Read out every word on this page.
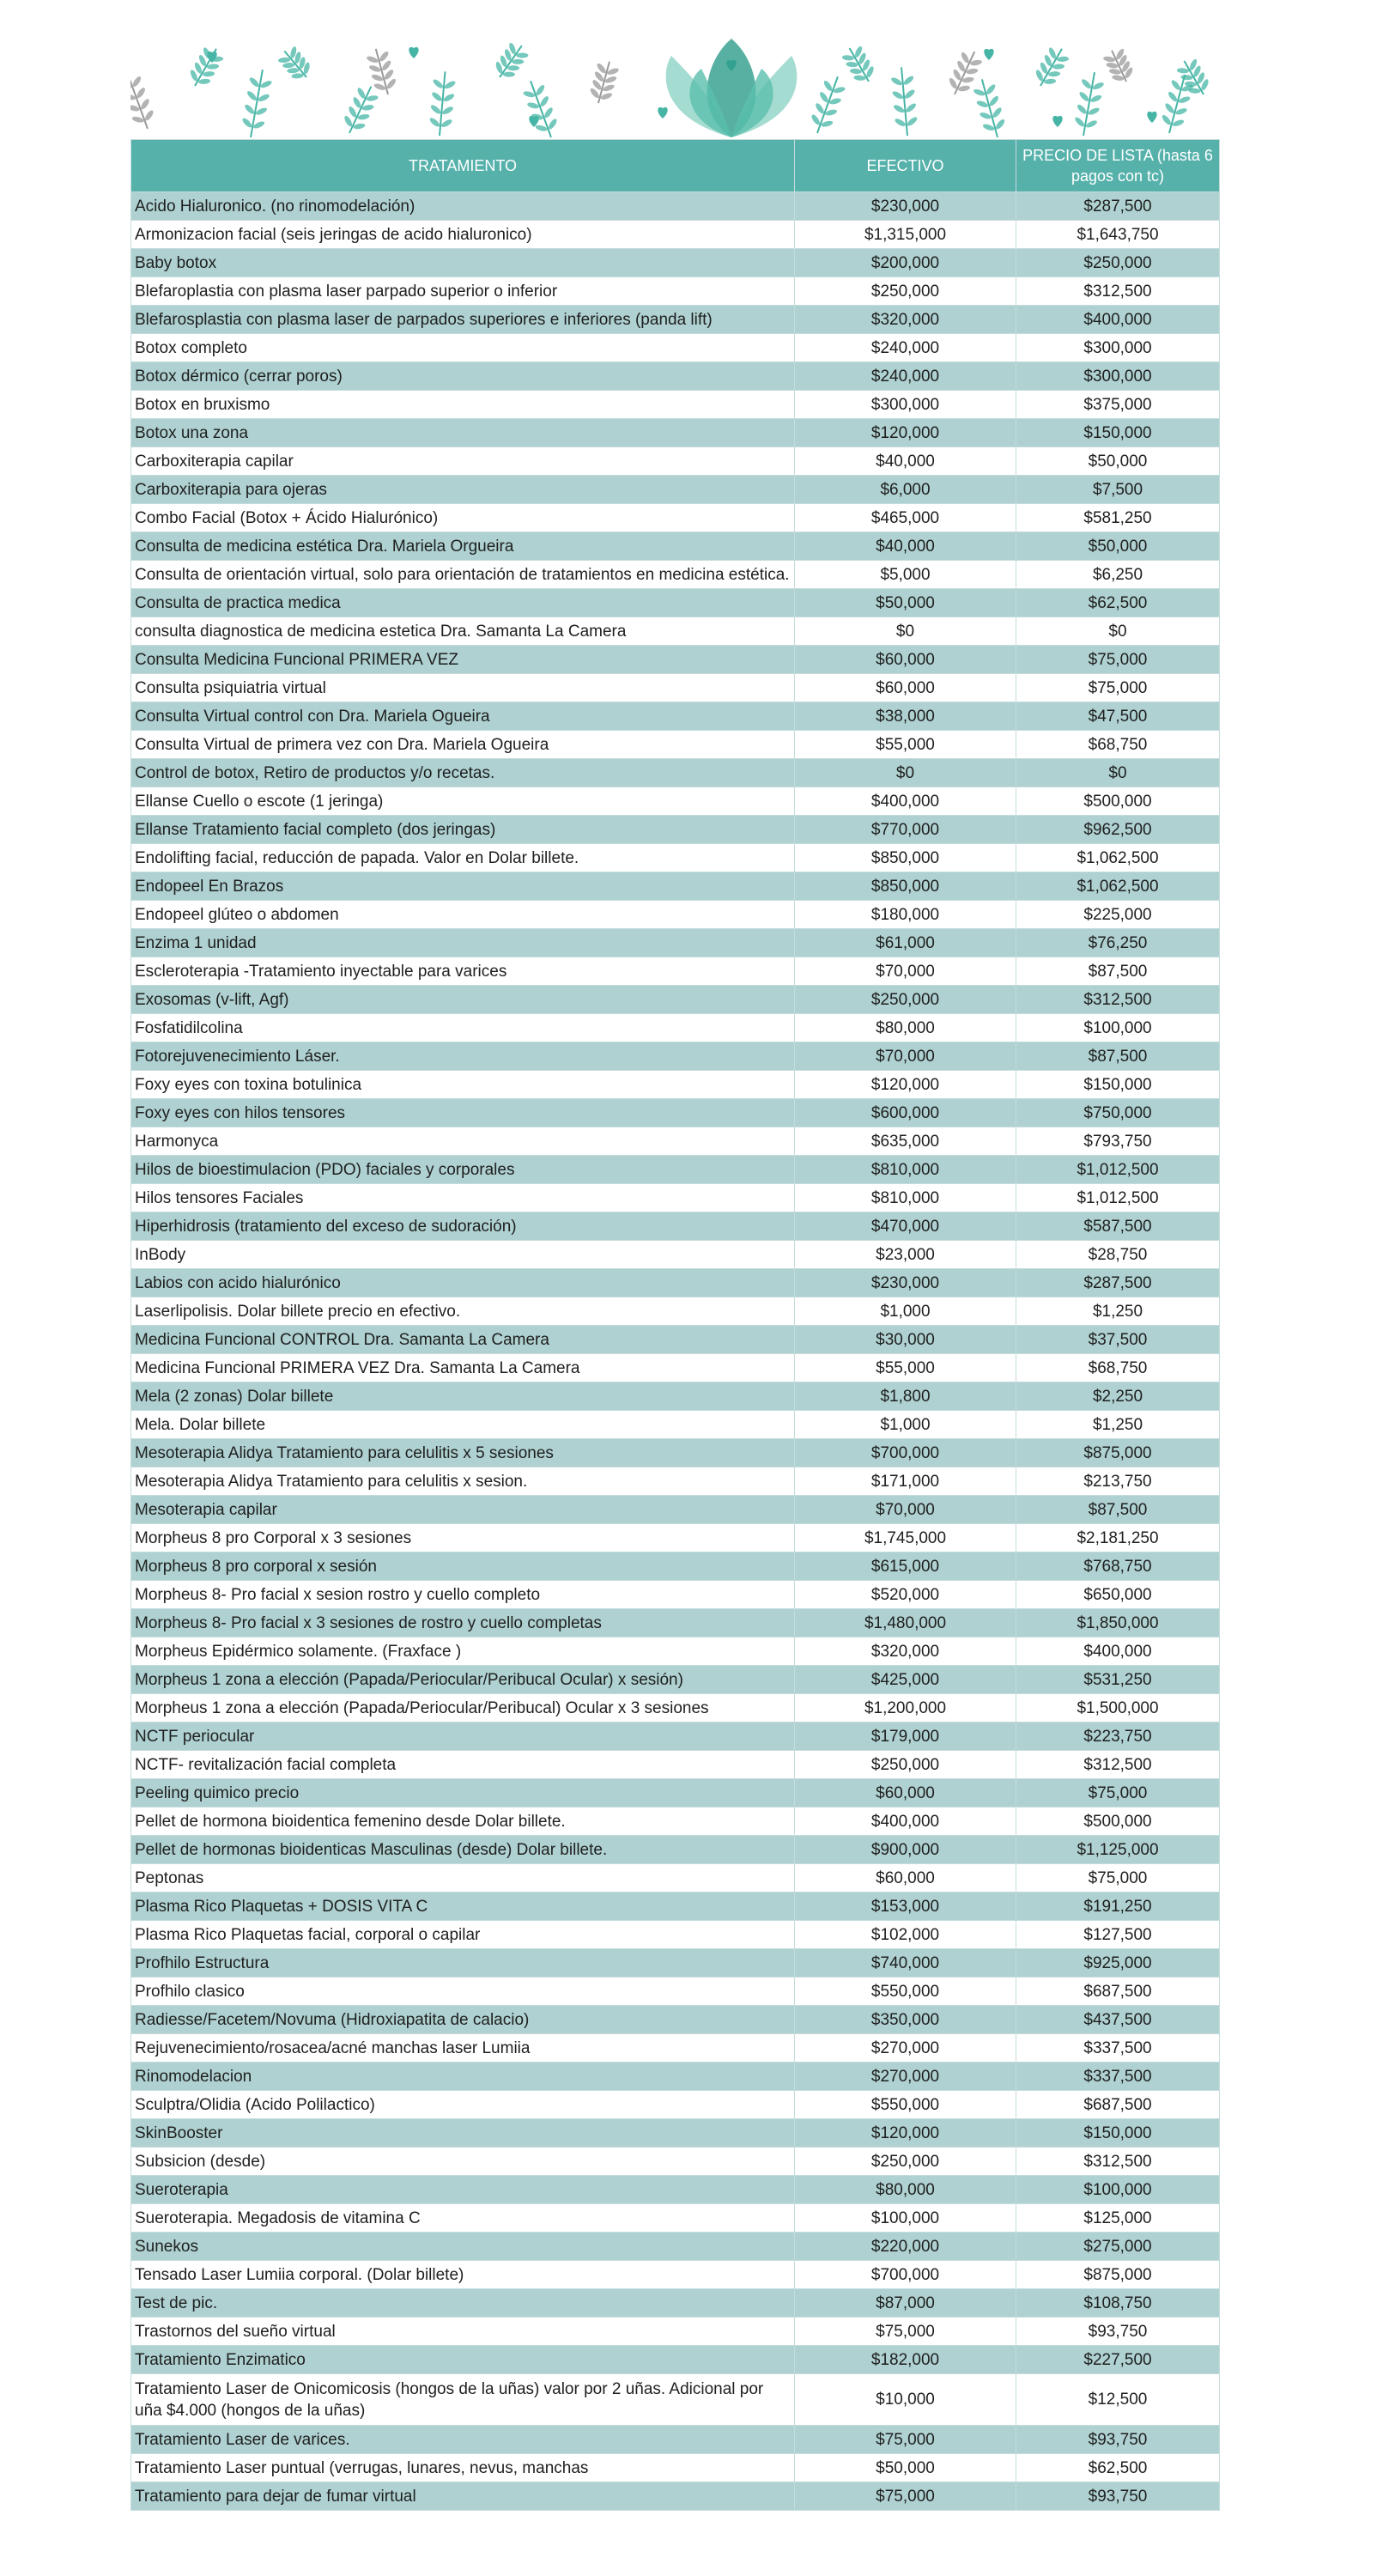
TRATAMIENTO	EFECTIVO	PRECIO DE LISTA (hasta 6 pagos con tc)
Acido Hialuronico. (no rinomodelación)	$230,000	$287,500
Armonizacion facial (seis jeringas de acido hialuronico)	$1,315,000	$1,643,750
Baby botox	$200,000	$250,000
Blefaroplastia con plasma laser parpado superior o inferior	$250,000	$312,500
Blefarosplastia con plasma laser de parpados superiores e inferiores (panda lift)	$320,000	$400,000
Botox completo	$240,000	$300,000
Botox dérmico (cerrar poros)	$240,000	$300,000
Botox en bruxismo	$300,000	$375,000
Botox una zona	$120,000	$150,000
Carboxiterapia capilar	$40,000	$50,000
Carboxiterapia para ojeras	$6,000	$7,500
Combo Facial (Botox + Ácido Hialurónico)	$465,000	$581,250
Consulta de medicina estética Dra. Mariela Orgueira	$40,000	$50,000
Consulta de orientación virtual, solo para orientación de tratamientos en medicina estética.	$5,000	$6,250
Consulta de practica medica	$50,000	$62,500
consulta diagnostica de medicina estetica Dra. Samanta La Camera	$0	$0
Consulta Medicina Funcional PRIMERA VEZ	$60,000	$75,000
Consulta psiquiatria virtual	$60,000	$75,000
Consulta Virtual control con Dra. Mariela Ogueira	$38,000	$47,500
Consulta Virtual de primera vez con Dra. Mariela Ogueira	$55,000	$68,750
Control de botox, Retiro de productos y/o recetas.	$0	$0
Ellanse Cuello o escote (1 jeringa)	$400,000	$500,000
Ellanse Tratamiento facial completo (dos jeringas)	$770,000	$962,500
Endolifting facial, reducción de papada. Valor en Dolar billete.	$850,000	$1,062,500
Endopeel En Brazos	$850,000	$1,062,500
Endopeel glúteo o abdomen	$180,000	$225,000
Enzima 1 unidad	$61,000	$76,250
Escleroterapia -Tratamiento inyectable para varices	$70,000	$87,500
Exosomas (v-lift, Agf)	$250,000	$312,500
Fosfatidilcolina	$80,000	$100,000
Fotorejuvenecimiento Láser.	$70,000	$87,500
Foxy eyes con toxina botulinica	$120,000	$150,000
Foxy eyes con hilos tensores	$600,000	$750,000
Harmonyca	$635,000	$793,750
Hilos de bioestimulacion (PDO) faciales y corporales	$810,000	$1,012,500
Hilos tensores Faciales	$810,000	$1,012,500
Hiperhidrosis (tratamiento del exceso de sudoración)	$470,000	$587,500
InBody	$23,000	$28,750
Labios con acido hialurónico	$230,000	$287,500
Laserlipolisis. Dolar billete precio en efectivo.	$1,000	$1,250
Medicina Funcional CONTROL Dra. Samanta La Camera	$30,000	$37,500
Medicina Funcional PRIMERA VEZ Dra. Samanta La Camera	$55,000	$68,750
Mela (2 zonas) Dolar billete	$1,800	$2,250
Mela. Dolar billete	$1,000	$1,250
Mesoterapia Alidya Tratamiento para celulitis x 5 sesiones	$700,000	$875,000
Mesoterapia Alidya Tratamiento para celulitis x sesion.	$171,000	$213,750
Mesoterapia capilar	$70,000	$87,500
Morpheus 8 pro Corporal x 3 sesiones	$1,745,000	$2,181,250
Morpheus 8 pro corporal x sesión	$615,000	$768,750
Morpheus 8- Pro facial x sesion rostro y cuello completo	$520,000	$650,000
Morpheus 8- Pro facial x 3 sesiones de rostro y cuello completas	$1,480,000	$1,850,000
Morpheus Epidérmico solamente. (Fraxface )	$320,000	$400,000
Morpheus 1 zona a elección (Papada/Periocular/Peribucal Ocular) x sesión)	$425,000	$531,250
Morpheus 1 zona a elección (Papada/Periocular/Peribucal) Ocular x 3 sesiones	$1,200,000	$1,500,000
NCTF periocular	$179,000	$223,750
NCTF- revitalización facial completa	$250,000	$312,500
Peeling quimico precio	$60,000	$75,000
Pellet de hormona bioidentica femenino desde Dolar billete.	$400,000	$500,000
Pellet de hormonas bioidenticas Masculinas (desde) Dolar billete.	$900,000	$1,125,000
Peptonas	$60,000	$75,000
Plasma Rico Plaquetas + DOSIS VITA C	$153,000	$191,250
Plasma Rico Plaquetas facial, corporal o capilar	$102,000	$127,500
Profhilo Estructura	$740,000	$925,000
Profhilo clasico	$550,000	$687,500
Radiesse/Facetem/Novuma (Hidroxiapatita de calacio)	$350,000	$437,500
Rejuvenecimiento/rosacea/acné manchas laser Lumiia	$270,000	$337,500
Rinomodelacion	$270,000	$337,500
Sculptra/Olidia (Acido Polilactico)	$550,000	$687,500
SkinBooster	$120,000	$150,000
Subsicion (desde)	$250,000	$312,500
Sueroterapia	$80,000	$100,000
Sueroterapia. Megadosis de vitamina C	$100,000	$125,000
Sunekos	$220,000	$275,000
Tensado Laser Lumiia corporal. (Dolar billete)	$700,000	$875,000
Test de pic.	$87,000	$108,750
Trastornos del sueño virtual	$75,000	$93,750
Tratamiento Enzimatico	$182,000	$227,500
Tratamiento Laser de Onicomicosis (hongos de la uñas) valor por 2 uñas. Adicional por uña $4.000 (hongos de la uñas)	$10,000	$12,500
Tratamiento Laser de varices.	$75,000	$93,750
Tratamiento Laser puntual (verrugas, lunares, nevus, manchas	$50,000	$62,500
Tratamiento para dejar de fumar virtual	$75,000	$93,750
